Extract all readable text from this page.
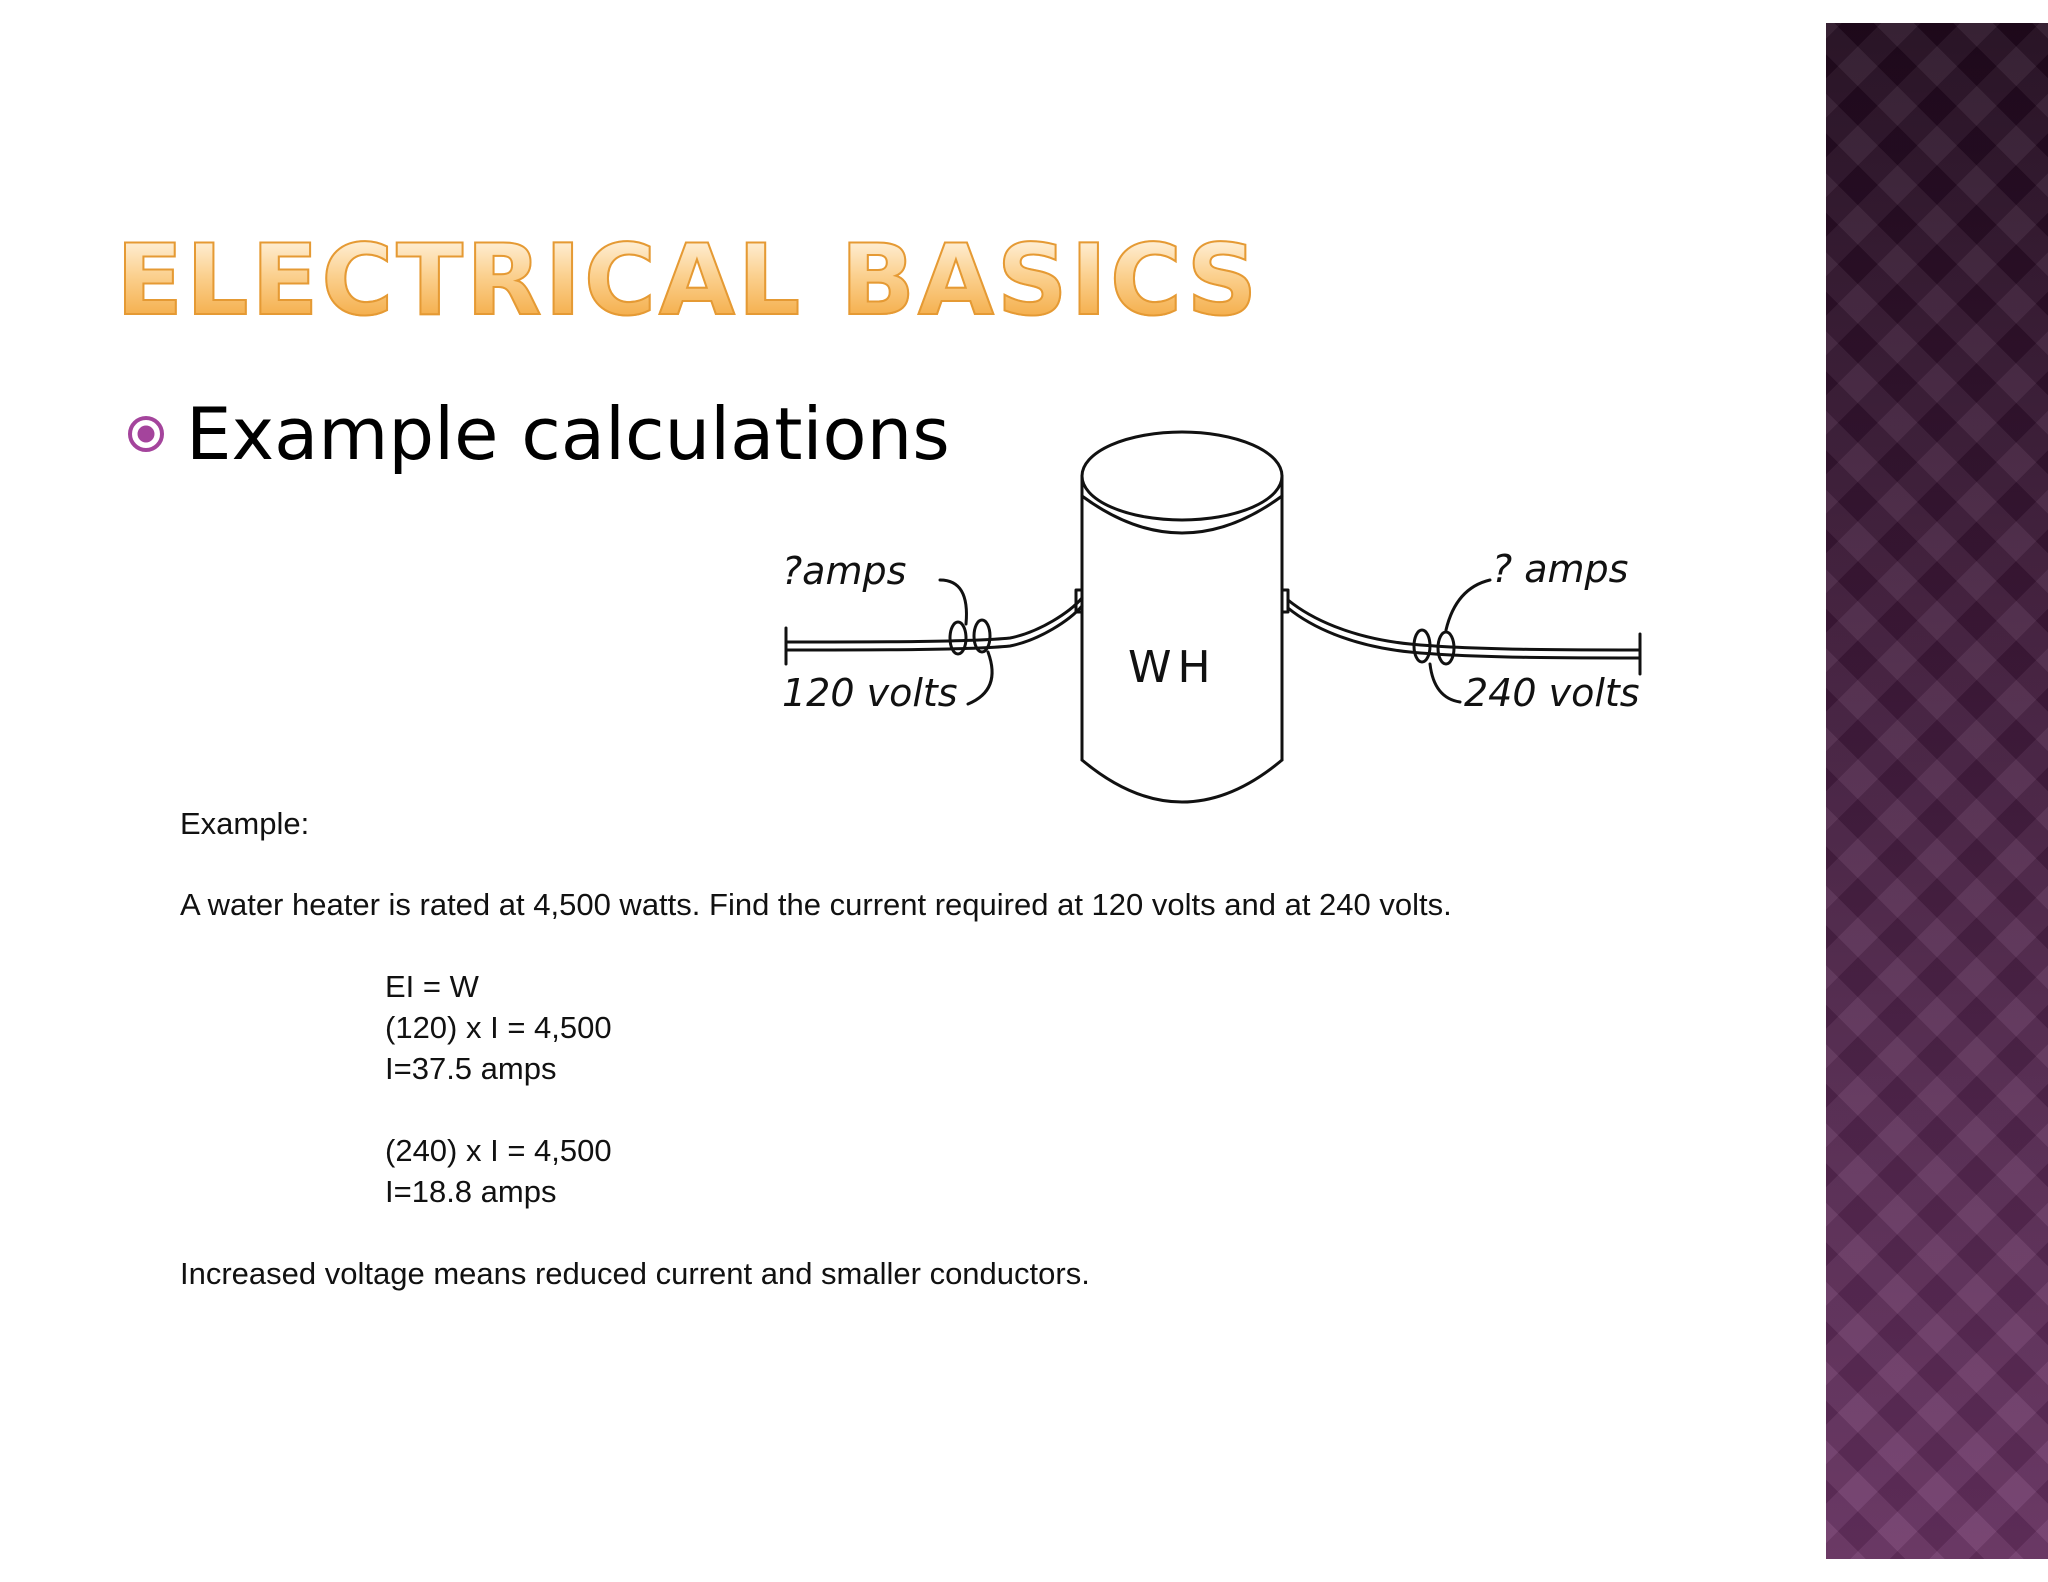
ELECTRICAL BASICS
Example calculations
WH
?amps
120 volts
? amps
240 volts
Example:
A water heater is rated at 4,500 watts. Find the current required at 120 volts and at 240 volts.
EI = W
(120) x I = 4,500
I=37.5 amps
(240) x I = 4,500
I=18.8 amps
Increased voltage means reduced current and smaller conductors.
